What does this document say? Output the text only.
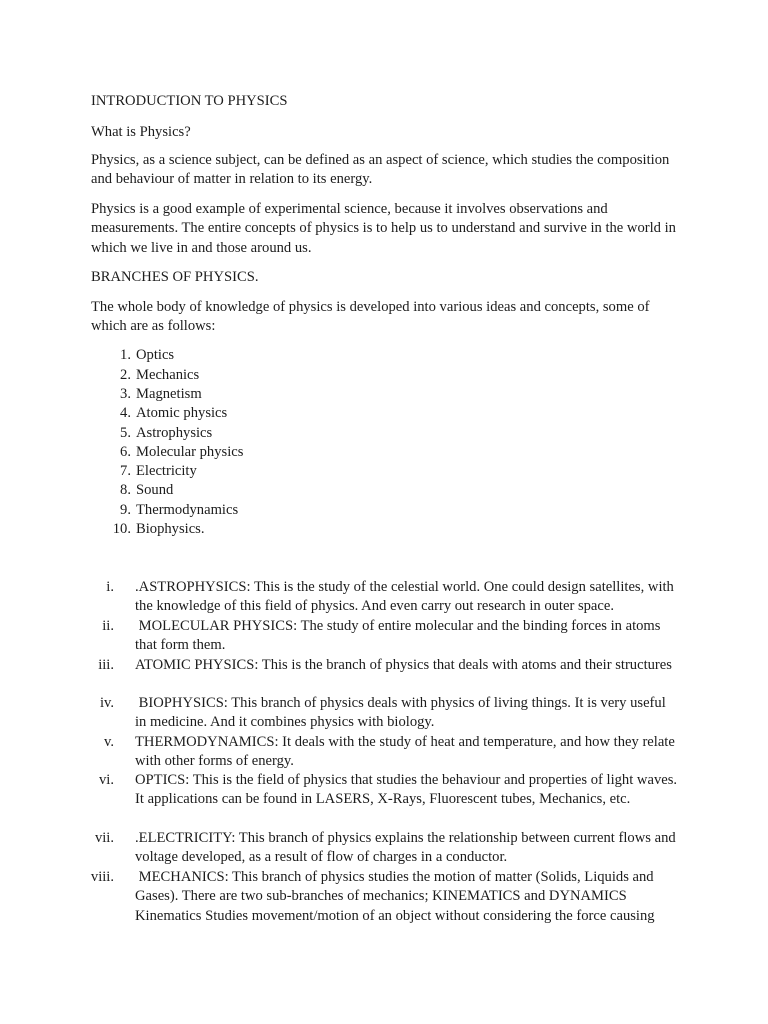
INTRODUCTION TO PHYSICS

What is Physics?

Physics, as a science subject, can be defined as an aspect of science, which studies the composition and behaviour of matter in relation to its energy.

Physics is a good example of experimental science, because it involves observations and measurements. The entire concepts of physics is to help us to understand and survive in the world in which we live in and those around us.

BRANCHES OF PHYSICS.

The whole body of knowledge of physics is developed into various ideas and concepts, some of which are as follows:

1. Optics
2. Mechanics
3. Magnetism
4. Atomic physics
5. Astrophysics
6. Molecular physics
7. Electricity
8. Sound
9. Thermodynamics
10. Biophysics.
i. .ASTROPHYSICS: This is the study of the celestial world. One could design satellites, with the knowledge of this field of physics. And even carry out research in outer space.
ii. MOLECULAR PHYSICS: The study of entire molecular and the binding forces in atoms that form them.
iii. ATOMIC PHYSICS: This is the branch of physics that deals with atoms and their structures
iv. BIOPHYSICS: This branch of physics deals with physics of living things. It is very useful in medicine. And it combines physics with biology.
v. THERMODYNAMICS: It deals with the study of heat and temperature, and how they relate with other forms of energy.
vi. OPTICS: This is the field of physics that studies the behaviour and properties of light waves. It applications can be found in LASERS, X-Rays, Fluorescent tubes, Mechanics, etc.
vii. .ELECTRICITY: This branch of physics explains the relationship between current flows and voltage developed, as a result of flow of charges in a conductor.
viii. MECHANICS: This branch of physics studies the motion of matter (Solids, Liquids and Gases). There are two sub-branches of mechanics; KINEMATICS and DYNAMICS Kinematics Studies movement/motion of an object without considering the force causing
